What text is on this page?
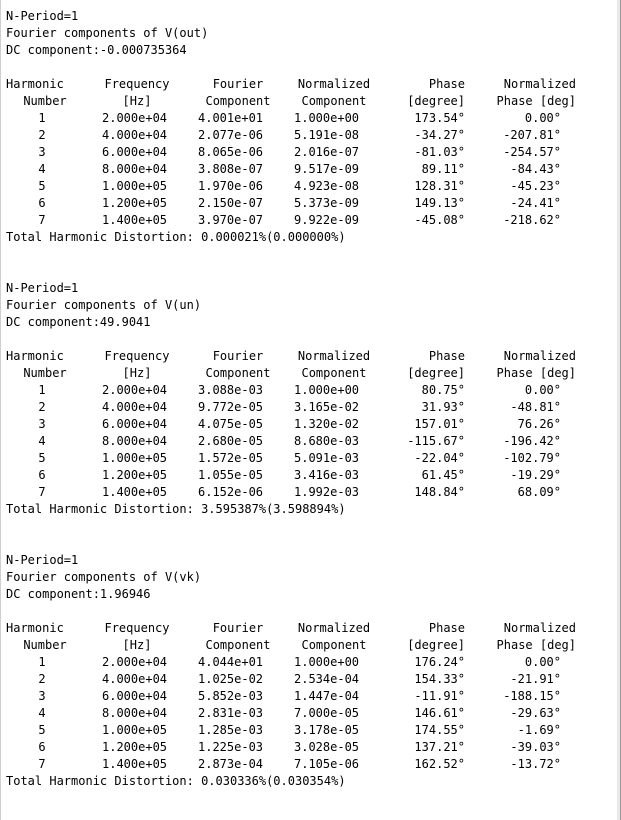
N-Period=1
Fourier components of V(out)
DC component:-0.000735364
Harmonic	Frequency	Fourier	Normalized	Phase	Normalized
Number	[Hz]	Component	Component	[degree]	Phase [deg]
1	2.000e+04	4.001e+01	1.000e+00	173.54°	0.00°
2	4.000e+04	2.077e-06	5.191e-08	-34.27°	-207.81°
3	6.000e+04	8.065e-06	2.016e-07	-81.03°	-254.57°
4	8.000e+04	3.808e-07	9.517e-09	89.11°	-84.43°
5	1.000e+05	1.970e-06	4.923e-08	128.31°	-45.23°
6	1.200e+05	2.150e-07	5.373e-09	149.13°	-24.41°
7	1.400e+05	3.970e-07	9.922e-09	-45.08°	-218.62°
Total Harmonic Distortion: 0.000021%(0.000000%)
N-Period=1
Fourier components of V(un)
DC component:49.9041
Harmonic	Frequency	Fourier	Normalized	Phase	Normalized
Number	[Hz]	Component	Component	[degree]	Phase [deg]
1	2.000e+04	3.088e-03	1.000e+00	80.75°	0.00°
2	4.000e+04	9.772e-05	3.165e-02	31.93°	-48.81°
3	6.000e+04	4.075e-05	1.320e-02	157.01°	76.26°
4	8.000e+04	2.680e-05	8.680e-03	-115.67°	-196.42°
5	1.000e+05	1.572e-05	5.091e-03	-22.04°	-102.79°
6	1.200e+05	1.055e-05	3.416e-03	61.45°	-19.29°
7	1.400e+05	6.152e-06	1.992e-03	148.84°	68.09°
Total Harmonic Distortion: 3.595387%(3.598894%)
N-Period=1
Fourier components of V(vk)
DC component:1.96946
Harmonic	Frequency	Fourier	Normalized	Phase	Normalized
Number	[Hz]	Component	Component	[degree]	Phase [deg]
1	2.000e+04	4.044e+01	1.000e+00	176.24°	0.00°
2	4.000e+04	1.025e-02	2.534e-04	154.33°	-21.91°
3	6.000e+04	5.852e-03	1.447e-04	-11.91°	-188.15°
4	8.000e+04	2.831e-03	7.000e-05	146.61°	-29.63°
5	1.000e+05	1.285e-03	3.178e-05	174.55°	-1.69°
6	1.200e+05	1.225e-03	3.028e-05	137.21°	-39.03°
7	1.400e+05	2.873e-04	7.105e-06	162.52°	-13.72°
Total Harmonic Distortion: 0.030336%(0.030354%)
